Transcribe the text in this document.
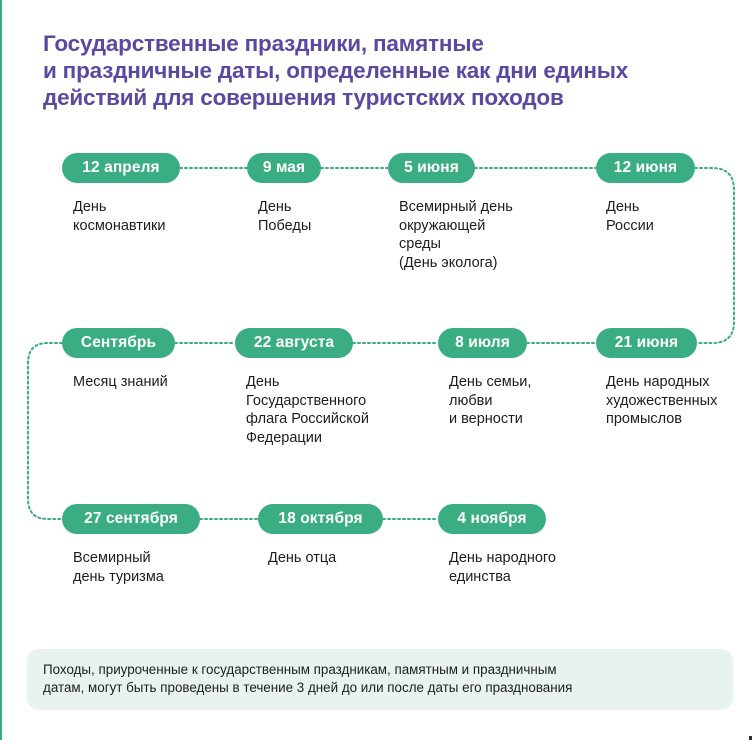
Государственные праздники, памятные
и праздничные даты, определенные как дни единых
действий для совершения туристских походов
12 апреля
День
космонавтики
9 мая
День
Победы
5 июня
Всемирный день
окружающей
среды
(День эколога)
12 июня
День
России
Сентябрь
Месяц знаний
22 августа
День
Государственного
флага Российской
Федерации
8 июля
День семьи,
любви
и верности
21 июня
День народных
художественных
промыслов
27 сентября
Всемирный
день туризма
18 октября
День отца
4 ноября
День народного
единства
Походы, приуроченные к государственным праздникам, памятным и праздничным
датам, могут быть проведены в течение 3 дней до или после даты его празднования
